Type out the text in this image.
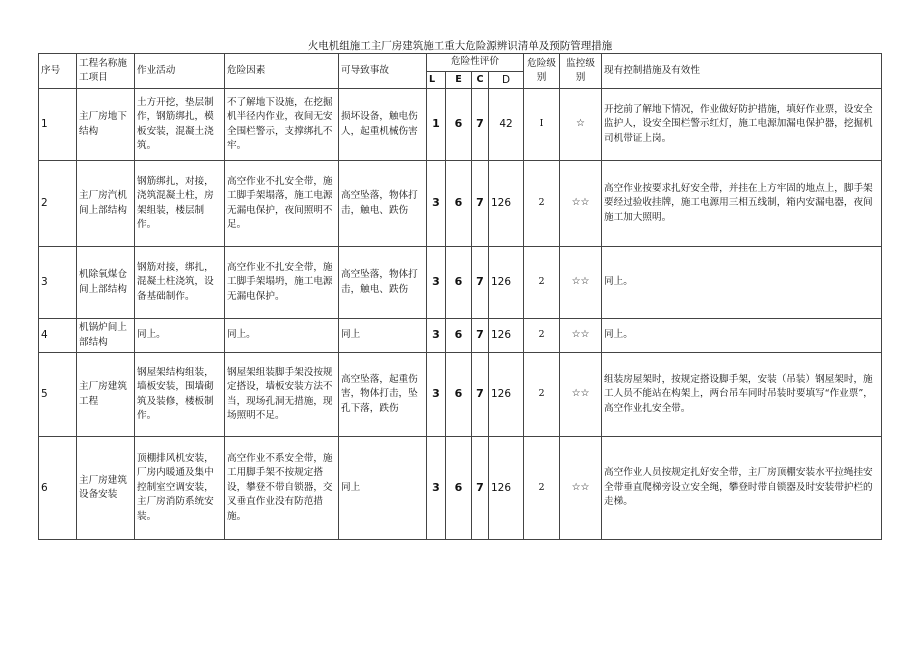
火电机组施工主厂房建筑施工重大危险源辨识清单及预防管理措施
序号	工程名称施工项目	作业活动	危险因素	可导致事故	危险性评价				危险级别	监控级别	现有控制措施及有效性
					L	E	C	D			
1	主厂房地下结构	土方开挖，垫层制作，钢筋绑扎，模板安装，混凝土浇筑。	不了解地下设施，在挖掘机半径内作业，夜间无安全围栏警示，支撑绑扎不牢。	损坏设备，触电伤人，起重机械伤害	1	6	7	42	Ⅰ	☆	开挖前了解地下情况，作业做好防护措施，填好作业票，设安全监护人，设安全围栏警示红灯，施工电源加漏电保护器，挖掘机司机带证上岗。
2	主厂房汽机间上部结构	钢筋绑扎，对接，浇筑混凝土柱，房架组装，楼层制作。	高空作业不扎安全带，施工脚手架塌落，施工电源无漏电保护，夜间照明不足。	高空坠落，物体打击，触电、跌伤	3	6	7	126	2	☆☆	高空作业按要求扎好安全带，并挂在上方牢固的地点上，脚手架要经过验收挂牌，施工电源用三相五线制，箱内安漏电器，夜间施工加大照明。
3	机除氧煤仓间上部结构	钢筋对接，绑扎，混凝土柱浇筑，设备基础制作。	高空作业不扎安全带，施工脚手架塌坍，施工电源无漏电保护。	高空坠落，物体打击，触电、跌伤	3	6	7	126	2	☆☆	同上。
4	机锅炉间上部结构	同上。	同上。	同上	3	6	7	126	2	☆☆	同上。
5	主厂房建筑工程	钢屋架结构组装，墙板安装，围墙砌筑及装修，楼板制作。	钢屋架组装脚手架没按规定搭设，墙板安装方法不当，现场孔洞无措施，现场照明不足。	高空坠落，起重伤害，物体打击，坠孔下落，跌伤	3	6	7	126	2	☆☆	组装房屋架时，按规定搭设脚手架，安装（吊装）钢屋架时，施工人员不能站在构架上，两台吊车同时吊装时要填写“作业票”，高空作业扎安全带。
6	主厂房建筑设备安装	顶棚排风机安装，厂房内暖通及集中控制室空调安装，主厂房消防系统安装。	高空作业不系安全带，施工用脚手架不按规定搭设，攀登不带自锁器，交叉垂直作业没有防范措施。	同上	3	6	7	126	2	☆☆	高空作业人员按规定扎好安全带，主厂房顶棚安装水平拉绳挂安全带垂直爬梯旁设立安全绳，攀登时带自锁器及时安装带护栏的走梯。
